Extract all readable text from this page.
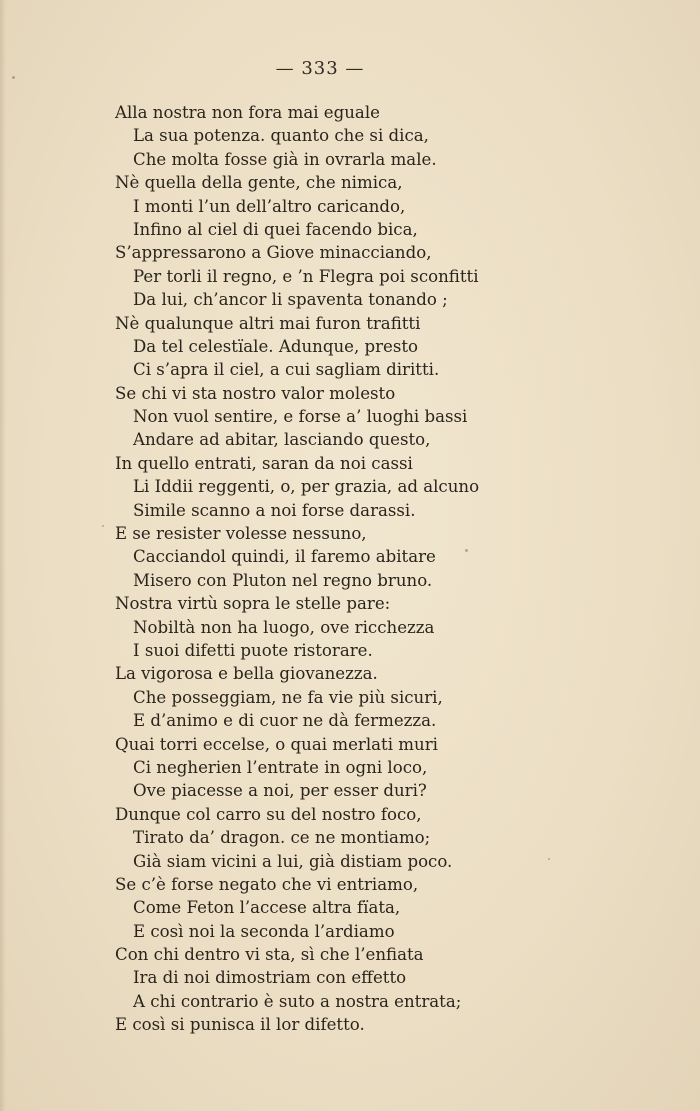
— 333 —
Alla nostra non fora mai eguale
La sua potenza. quanto che si dica,
Che molta fosse già in ovrarla male.
Nè quella della gente, che nimica,
I monti l’un dell’altro caricando,
Infino al ciel di quei facendo bica,
S’appressarono a Giove minacciando,
Per torli il regno, e ’n Flegra poi sconfitti
Da lui, ch’ancor li spaventa tonando ;
Nè qualunque altri mai furon trafitti
Da tel celestïale. Adunque, presto
Ci s’apra il ciel, a cui sagliam diritti.
Se chi vi sta nostro valor molesto
Non vuol sentire, e forse a’ luoghi bassi
Andare ad abitar, lasciando questo,
In quello entrati, saran da noi cassi
Li Iddii reggenti, o, per grazia, ad alcuno
Simile scanno a noi forse darassi.
E se resister volesse nessuno,
Cacciandol quindi, il faremo abitare
Misero con Pluton nel regno bruno.
Nostra virtù sopra le stelle pare:
Nobiltà non ha luogo, ove ricchezza
I suoi difetti puote ristorare.
La vigorosa e bella giovanezza.
Che posseggiam, ne fa vie più sicuri,
E d’animo e di cuor ne dà fermezza.
Quai torri eccelse, o quai merlati muri
Ci negherien l’entrate in ogni loco,
Ove piacesse a noi, per esser duri?
Dunque col carro su del nostro foco,
Tirato da’ dragon. ce ne montiamo;
Già siam vicini a lui, già distiam poco.
Se c’è forse negato che vi entriamo,
Come Feton l’accese altra fïata,
E così noi la seconda l’ardiamo
Con chi dentro vi sta, sì che l’enfiata
Ira di noi dimostriam con effetto
A chi contrario è suto a nostra entrata;
E così si punisca il lor difetto.
